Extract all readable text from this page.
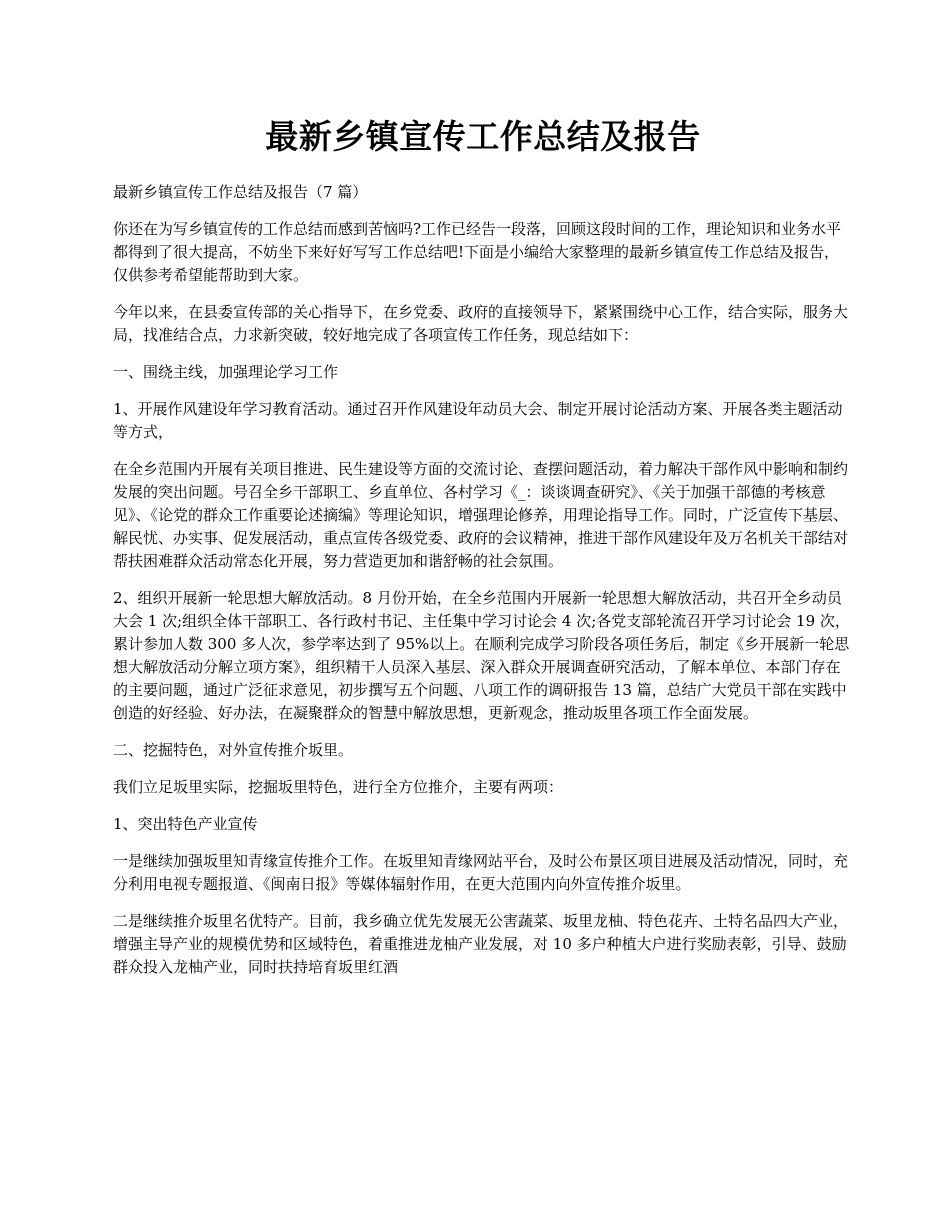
最新乡镇宣传工作总结及报告

最新乡镇宣传工作总结及报告（7 篇）

你还在为写乡镇宣传的工作总结而感到苦恼吗?工作已经告一段落，回顾这段时间的工作，理论知识和业务水平都得到了很大提高，不妨坐下来好好写写工作总结吧!下面是小编给大家整理的最新乡镇宣传工作总结及报告，仅供参考希望能帮助到大家。

今年以来，在县委宣传部的关心指导下，在乡党委、政府的直接领导下，紧紧围绕中心工作，结合实际，服务大局，找准结合点，力求新突破，较好地完成了各项宣传工作任务，现总结如下：

一、围绕主线，加强理论学习工作

1、开展作风建设年学习教育活动。通过召开作风建设年动员大会、制定开展讨论活动方案、开展各类主题活动等方式，

在全乡范围内开展有关项目推进、民生建设等方面的交流讨论、查摆问题活动，着力解决干部作风中影响和制约发展的突出问题。号召全乡干部职工、乡直单位、各村学习《_：谈谈调查研究》、《关于加强干部德的考核意见》、《论党的群众工作重要论述摘编》等理论知识，增强理论修养，用理论指导工作。同时，广泛宣传下基层、解民忧、办实事、促发展活动，重点宣传各级党委、政府的会议精神，推进干部作风建设年及万名机关干部结对帮扶困难群众活动常态化开展，努力营造更加和谐舒畅的社会氛围。

2、组织开展新一轮思想大解放活动。8 月份开始，在全乡范围内开展新一轮思想大解放活动，共召开全乡动员大会 1 次;组织全体干部职工、各行政村书记、主任集中学习讨论会 4 次;各党支部轮流召开学习讨论会 19 次，累计参加人数 300 多人次，参学率达到了 95%以上。在顺利完成学习阶段各项任务后，制定《乡开展新一轮思想大解放活动分解立项方案》，组织精干人员深入基层、深入群众开展调查研究活动，了解本单位、本部门存在的主要问题，通过广泛征求意见，初步撰写五个问题、八项工作的调研报告 13 篇，总结广大党员干部在实践中创造的好经验、好办法，在凝聚群众的智慧中解放思想，更新观念，推动坂里各项工作全面发展。

二、挖掘特色，对外宣传推介坂里。

我们立足坂里实际，挖掘坂里特色，进行全方位推介，主要有两项：

1、突出特色产业宣传

一是继续加强坂里知青缘宣传推介工作。在坂里知青缘网站平台，及时公布景区项目进展及活动情况，同时，充分利用电视专题报道、《闽南日报》等媒体辐射作用，在更大范围内向外宣传推介坂里。

二是继续推介坂里名优特产。目前，我乡确立优先发展无公害蔬菜、坂里龙柚、特色花卉、土特名品四大产业，增强主导产业的规模优势和区域特色，着重推进龙柚产业发展，对 10 多户种植大户进行奖励表彰，引导、鼓励群众投入龙柚产业，同时扶持培育坂里红酒
